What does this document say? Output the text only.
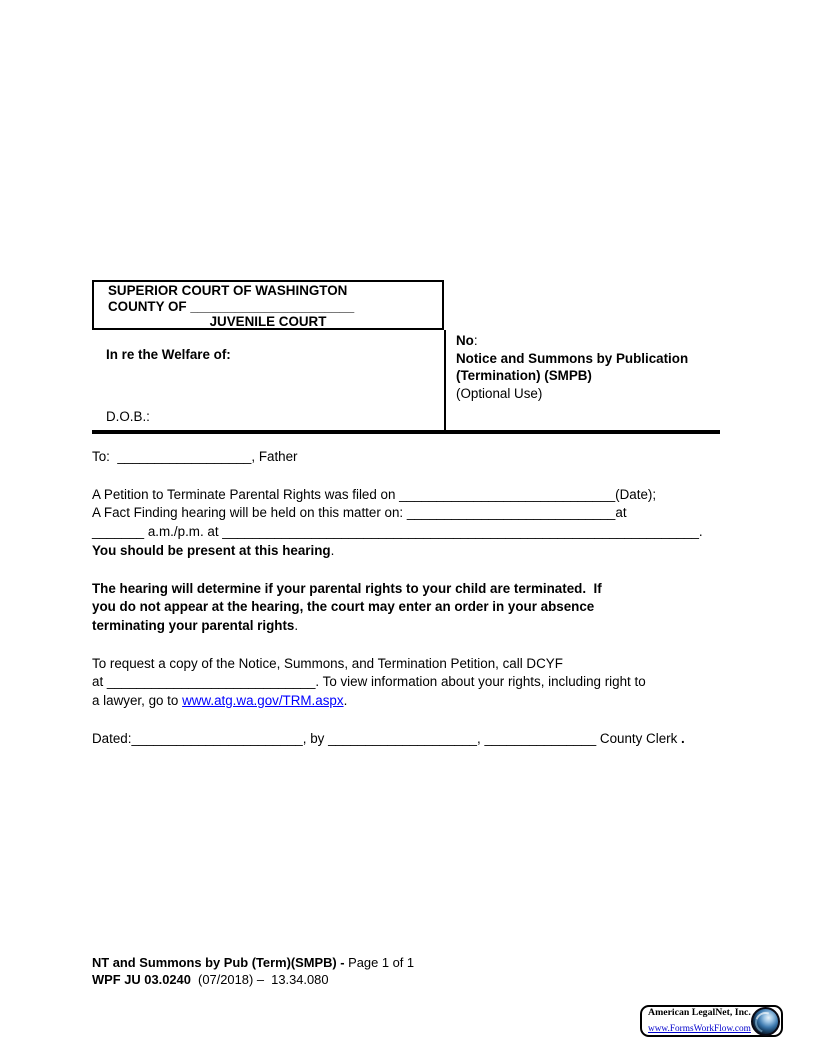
SUPERIOR COURT OF WASHINGTON
COUNTY OF ______________________
JUVENILE COURT
In re the Welfare of:
D.O.B.:
No:
Notice and Summons by Publication
(Termination) (SMPB)
(Optional Use)
To:  __________________, Father
A Petition to Terminate Parental Rights was filed on _____________________________(Date);
A Fact Finding hearing will be held on this matter on: ____________________________at
_______ a.m./p.m. at ________________________________________________________________.
You should be present at this hearing.
The hearing will determine if your parental rights to your child are terminated.  If
you do not appear at the hearing, the court may enter an order in your absence
terminating your parental rights.
To request a copy of the Notice, Summons, and Termination Petition, call DCYF
at ____________________________. To view information about your rights, including right to
a lawyer, go to www.atg.wa.gov/TRM.aspx.
Dated:_______________________, by ____________________, _______________ County Clerk .
NT and Summons by Pub (Term)(SMPB) - Page 1 of 1
WPF JU 03.0240  (07/2018) –  13.34.080
American LegalNet, Inc.
www.FormsWorkFlow.com
